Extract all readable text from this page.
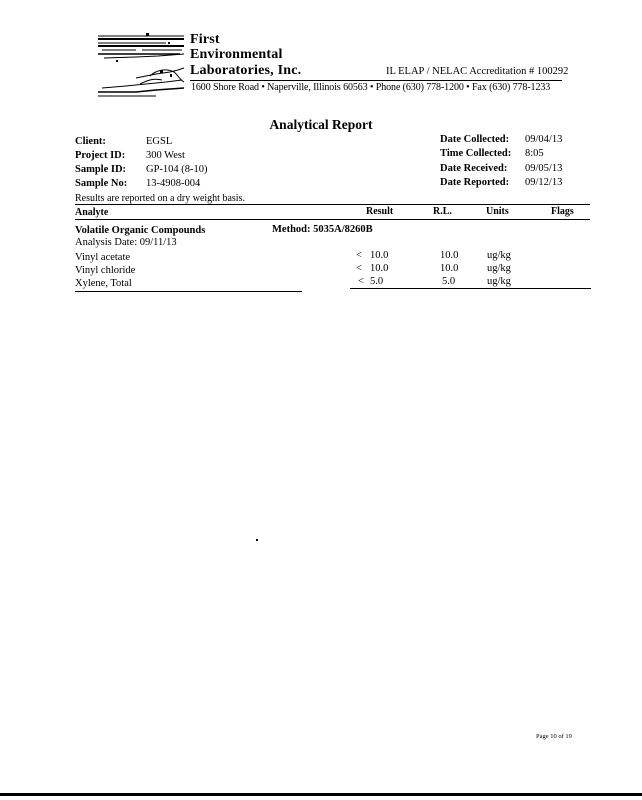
First
Environmental
Laboratories, Inc.	IL ELAP / NELAC Accreditation # 100292
1600 Shore Road • Naperville, Illinois 60563 • Phone (630) 778-1200 • Fax (630) 778-1233
Analytical Report
Client:	EGSL
Project ID: 300 West
Sample ID: GP-104 (8-10)
Sample No: 13-4908-004
Date Collected: 09/04/13
Time Collected: 8:05
Date Received: 09/05/13
Date Reported: 09/12/13
Results are reported on a dry weight basis.
Analyte	Result	R.L.	Units	Flags
Volatile Organic Compounds	Method: 5035A/8260B
Analysis Date: 09/11/13
Vinyl acetate	< 10.0	10.0	ug/kg
Vinyl chloride	< 10.0	10.0	ug/kg
Xylene, Total	< 5.0	5.0	ug/kg
Page 10 of 19
